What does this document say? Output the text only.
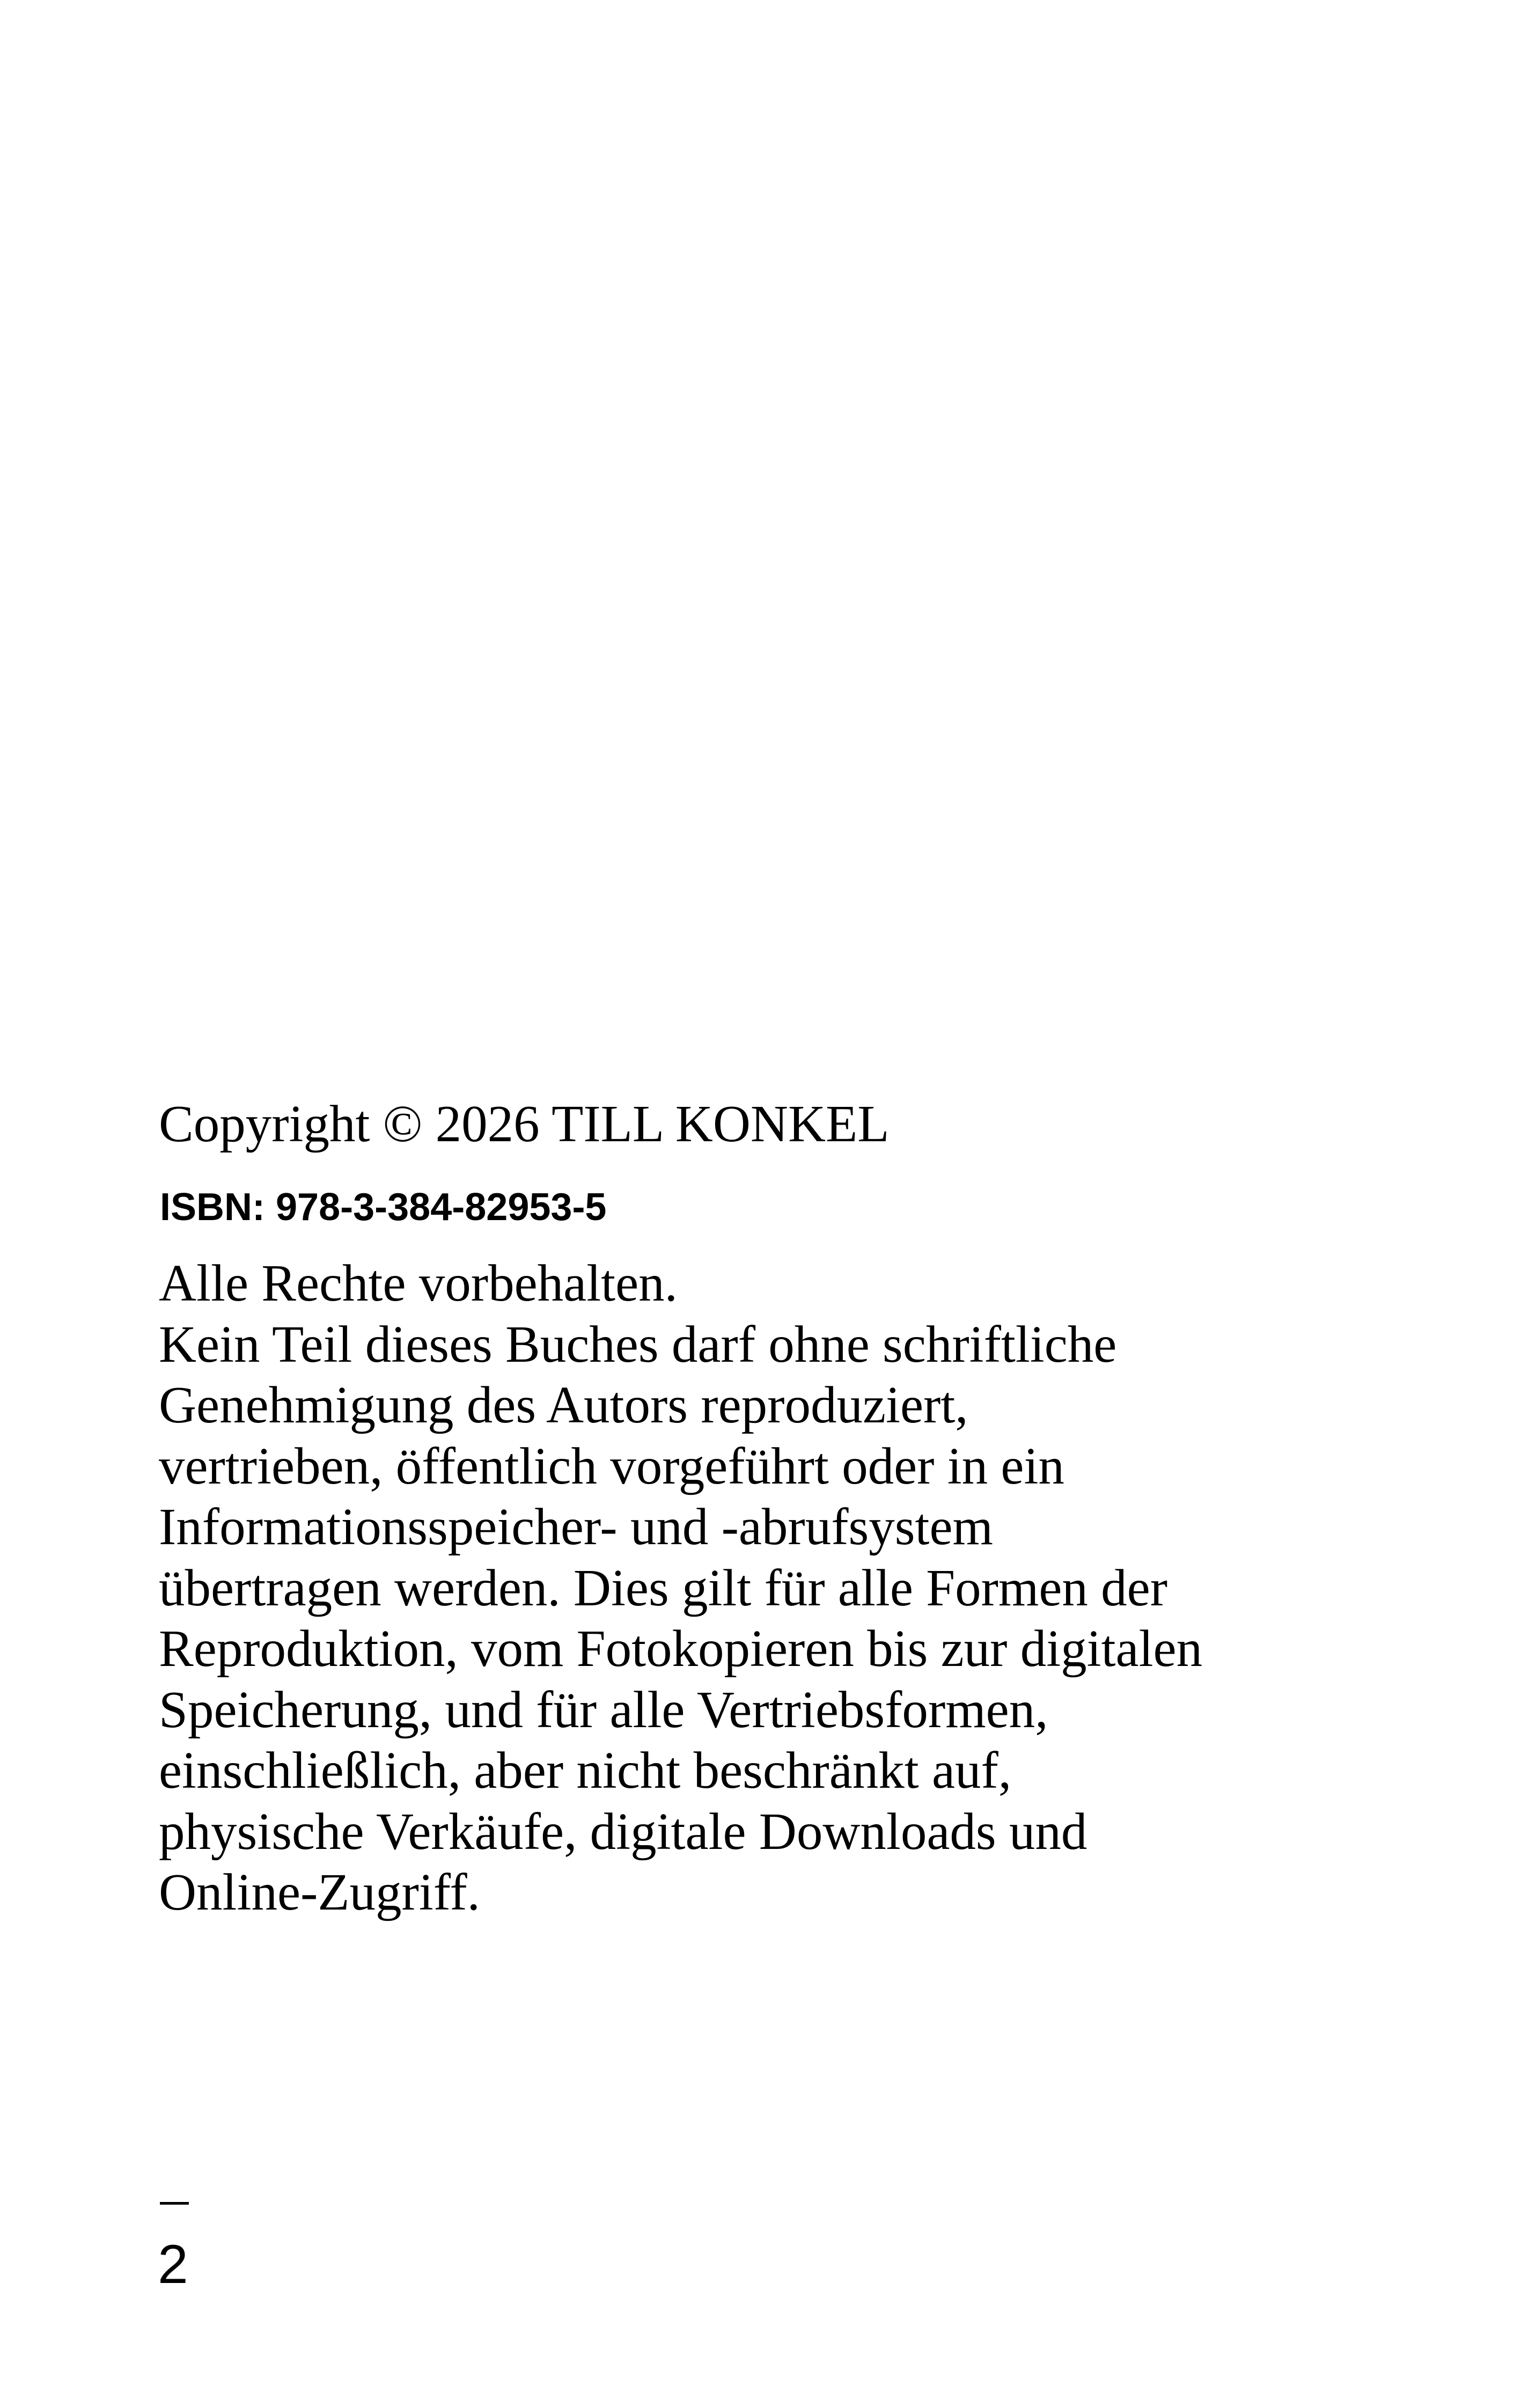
Copyright © 2026 TILL KONKEL
ISBN: 978-3-384-82953-5
Alle Rechte vorbehalten.
Kein Teil dieses Buches darf ohne schriftliche
Genehmigung des Autors reproduziert,
vertrieben, öffentlich vorgeführt oder in ein
Informationsspeicher- und -abrufsystem
übertragen werden. Dies gilt für alle Formen der
Reproduktion, vom Fotokopieren bis zur digitalen
Speicherung, und für alle Vertriebsformen,
einschließlich, aber nicht beschränkt auf,
physische Verkäufe, digitale Downloads und
Online-Zugriff.
2
